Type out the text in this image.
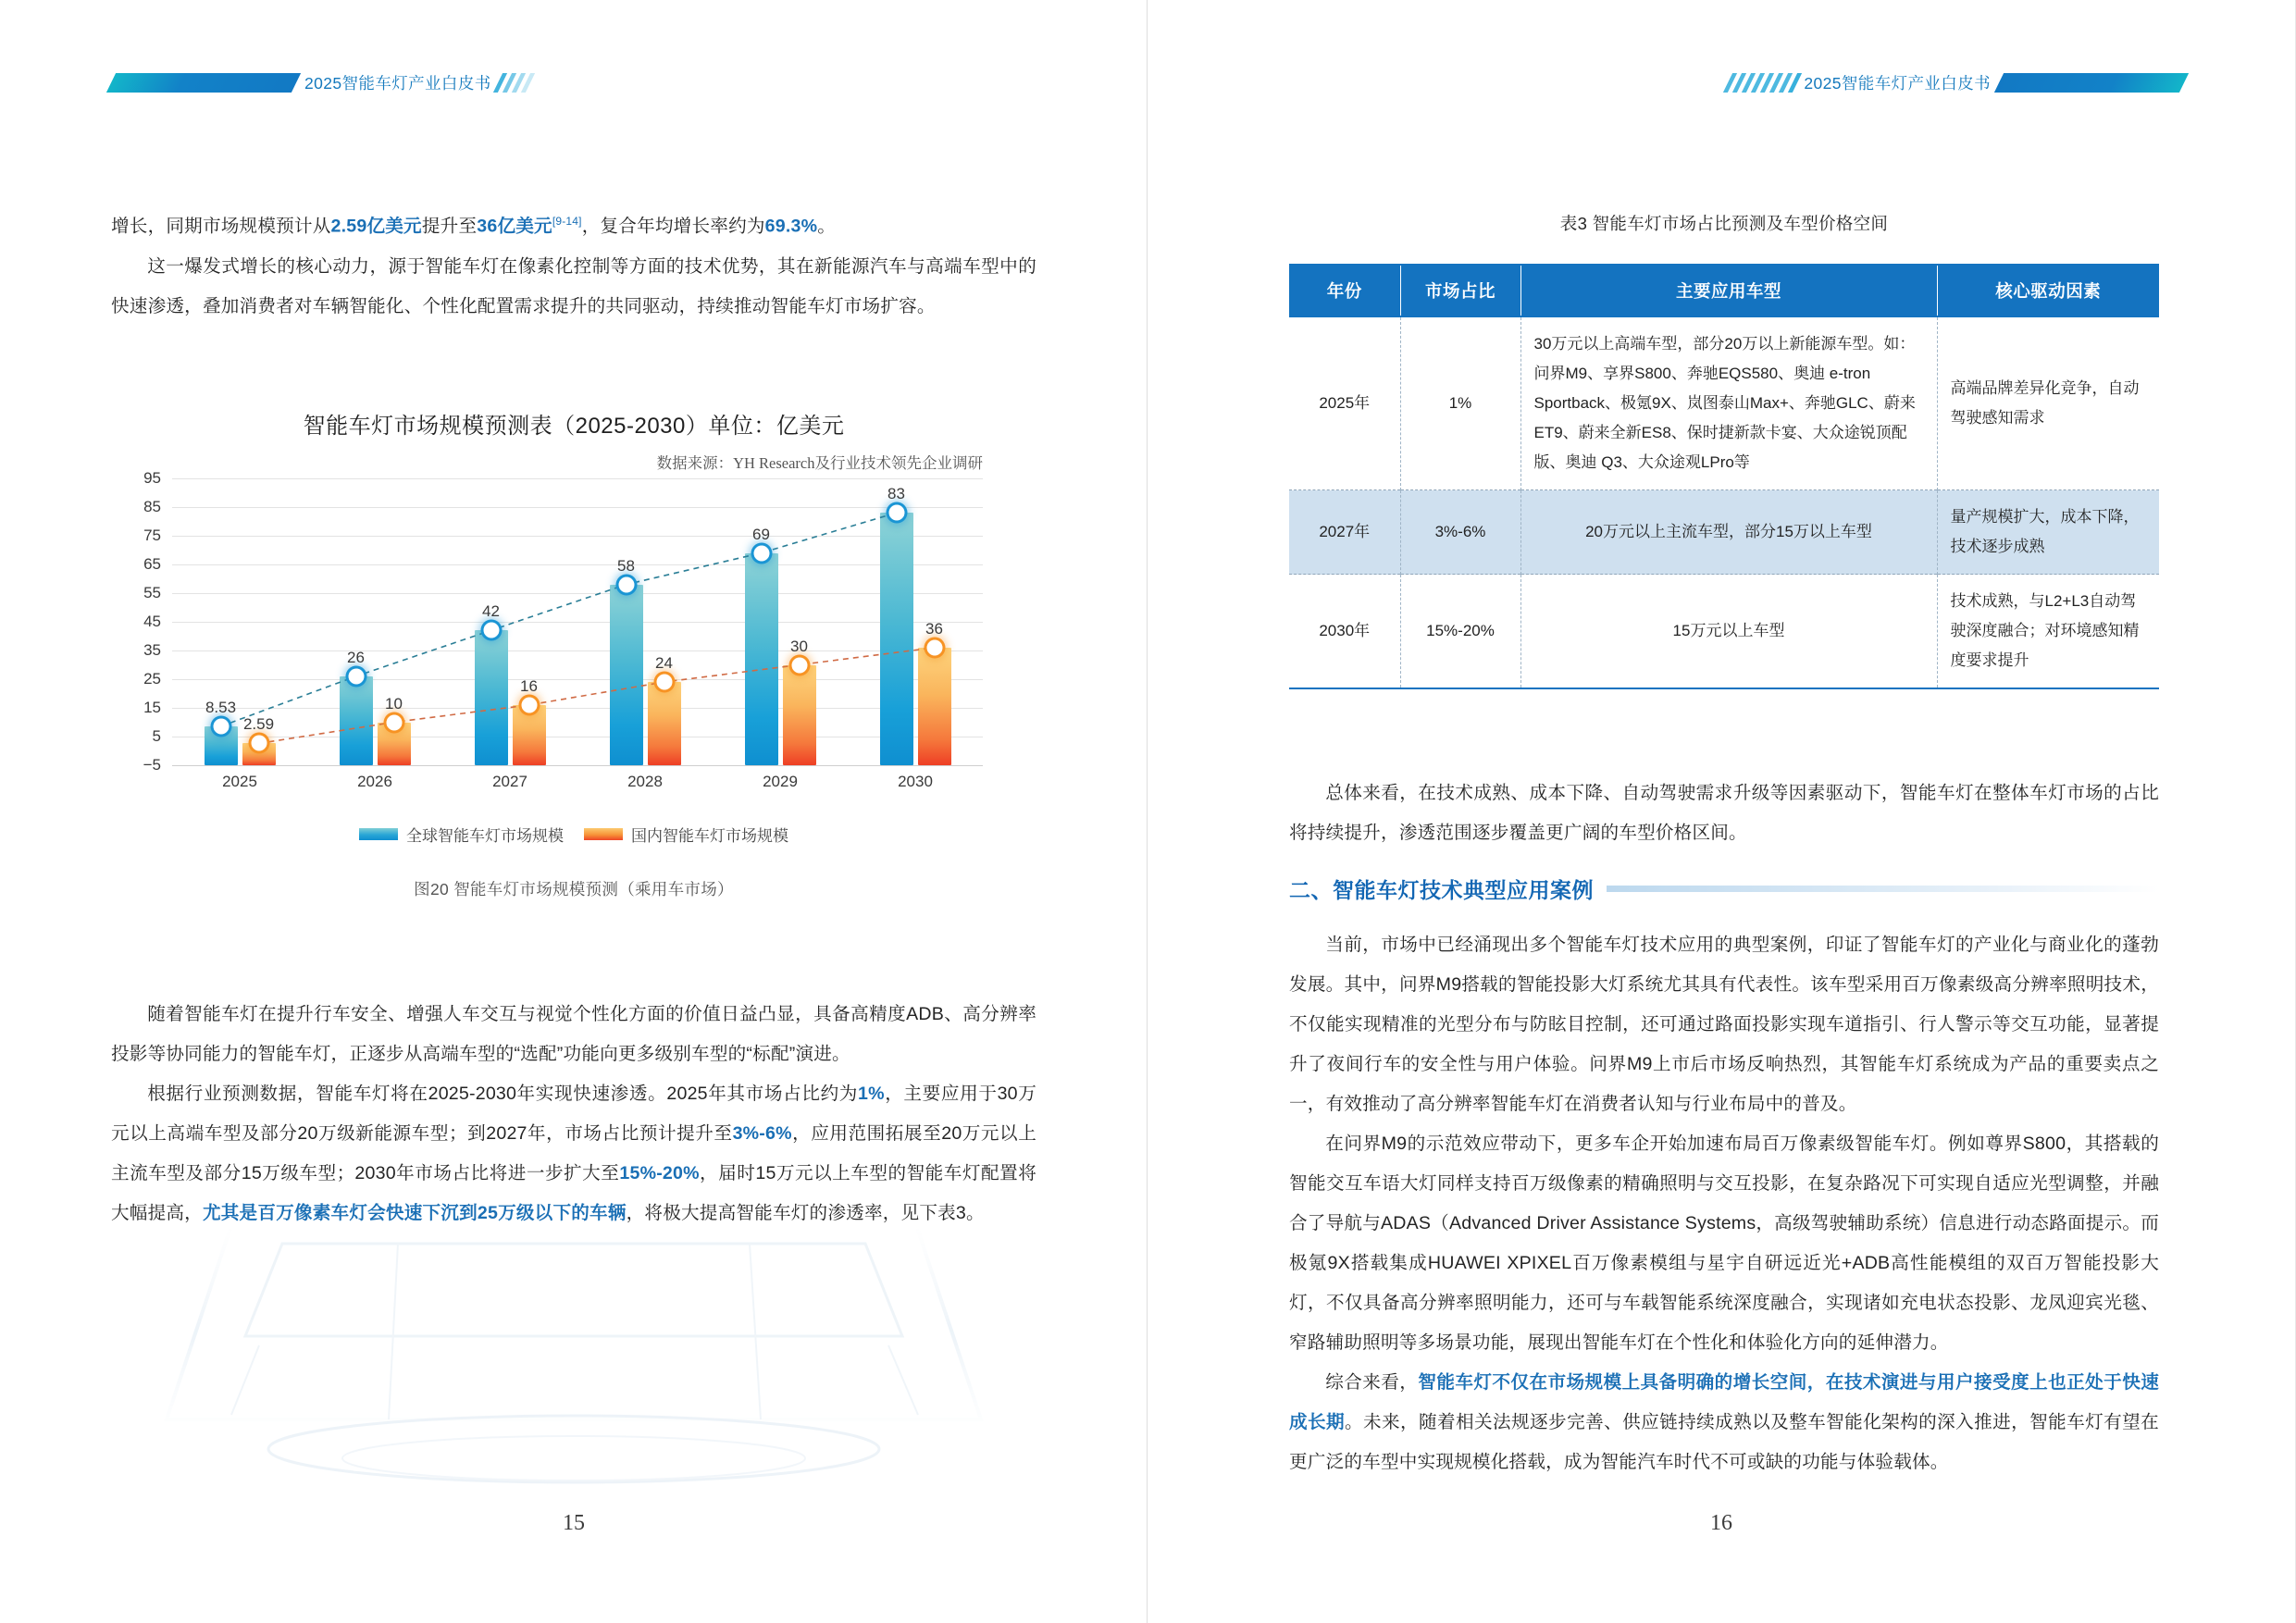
2025智能车灯产业白皮书

增长，同期市场规模预计从2.59亿美元提升至36亿美元[9-14]，复合年均增长率约为69.3%。

这一爆发式增长的核心动力，源于智能车灯在像素化控制等方面的技术优势，其在新能源汽车与高端车型中的快速渗透，叠加消费者对车辆智能化、个性化配置需求提升的共同驱动，持续推动智能车灯市场扩容。

智能车灯市场规模预测表（2025-2030）单位：亿美元
数据来源：YH Research及行业技术领先企业调研
95
85
75
65
55
45
35
25
15
5
−5
8.53
2.59
26
10
42
16
58
24
69
30
83
36
2025	2026	2027	2028	2029	2030
全球智能车灯市场规模	国内智能车灯市场规模
图20 智能车灯市场规模预测（乘用车市场）

随着智能车灯在提升行车安全、增强人车交互与视觉个性化方面的价值日益凸显，具备高精度ADB、高分辨率投影等协同能力的智能车灯，正逐步从高端车型的“选配”功能向更多级别车型的“标配”演进。

根据行业预测数据，智能车灯将在2025-2030年实现快速渗透。2025年其市场占比约为1%，主要应用于30万元以上高端车型及部分20万级新能源车型；到2027年，市场占比预计提升至3%-6%，应用范围拓展至20万元以上主流车型及部分15万级车型；2030年市场占比将进一步扩大至15%-20%，届时15万元以上车型的智能车灯配置将大幅提高，尤其是百万像素车灯会快速下沉到25万级以下的车辆，将极大提高智能车灯的渗透率，见下表3。

15
2025智能车灯产业白皮书
表3 智能车灯市场占比预测及车型价格空间
年份	市场占比	主要应用车型	核心驱动因素
2025年	1%	30万元以上高端车型，部分20万以上新能源车型。如：问界M9、享界S800、奔驰EQS580、奥迪 e-tron Sportback、极氪9X、岚图泰山Max+、奔驰GLC、蔚来ET9、蔚来全新ES8、保时捷新款卡宴、大众途锐顶配版、奥迪 Q3、大众途观LPro等	高端品牌差异化竞争，自动驾驶感知需求
2027年	3%-6%	20万元以上主流车型，部分15万以上车型	量产规模扩大，成本下降，技术逐步成熟
2030年	15%-20%	15万元以上车型	技术成熟，与L2+L3自动驾驶深度融合；对环境感知精度要求提升

总体来看，在技术成熟、成本下降、自动驾驶需求升级等因素驱动下，智能车灯在整体车灯市场的占比将持续提升，渗透范围逐步覆盖更广阔的车型价格区间。

二、智能车灯技术典型应用案例

当前，市场中已经涌现出多个智能车灯技术应用的典型案例，印证了智能车灯的产业化与商业化的蓬勃发展。其中，问界M9搭载的智能投影大灯系统尤其具有代表性。该车型采用百万像素级高分辨率照明技术，不仅能实现精准的光型分布与防眩目控制，还可通过路面投影实现车道指引、行人警示等交互功能，显著提升了夜间行车的安全性与用户体验。问界M9上市后市场反响热烈，其智能车灯系统成为产品的重要卖点之一，有效推动了高分辨率智能车灯在消费者认知与行业布局中的普及。

在问界M9的示范效应带动下，更多车企开始加速布局百万像素级智能车灯。例如尊界S800，其搭载的智能交互车语大灯同样支持百万级像素的精确照明与交互投影，在复杂路况下可实现自适应光型调整，并融合了导航与ADAS（Advanced Driver Assistance Systems，高级驾驶辅助系统）信息进行动态路面提示。而极氪9X搭载集成HUAWEI XPIXEL百万像素模组与星宇自研远近光+ADB高性能模组的双百万智能投影大灯，不仅具备高分辨率照明能力，还可与车载智能系统深度融合，实现诸如充电状态投影、龙凤迎宾光毯、窄路辅助照明等多场景功能，展现出智能车灯在个性化和体验化方向的延伸潜力。

综合来看，智能车灯不仅在市场规模上具备明确的增长空间，在技术演进与用户接受度上也正处于快速成长期。未来，随着相关法规逐步完善、供应链持续成熟以及整车智能化架构的深入推进，智能车灯有望在更广泛的车型中实现规模化搭载，成为智能汽车时代不可或缺的功能与体验载体。

16
